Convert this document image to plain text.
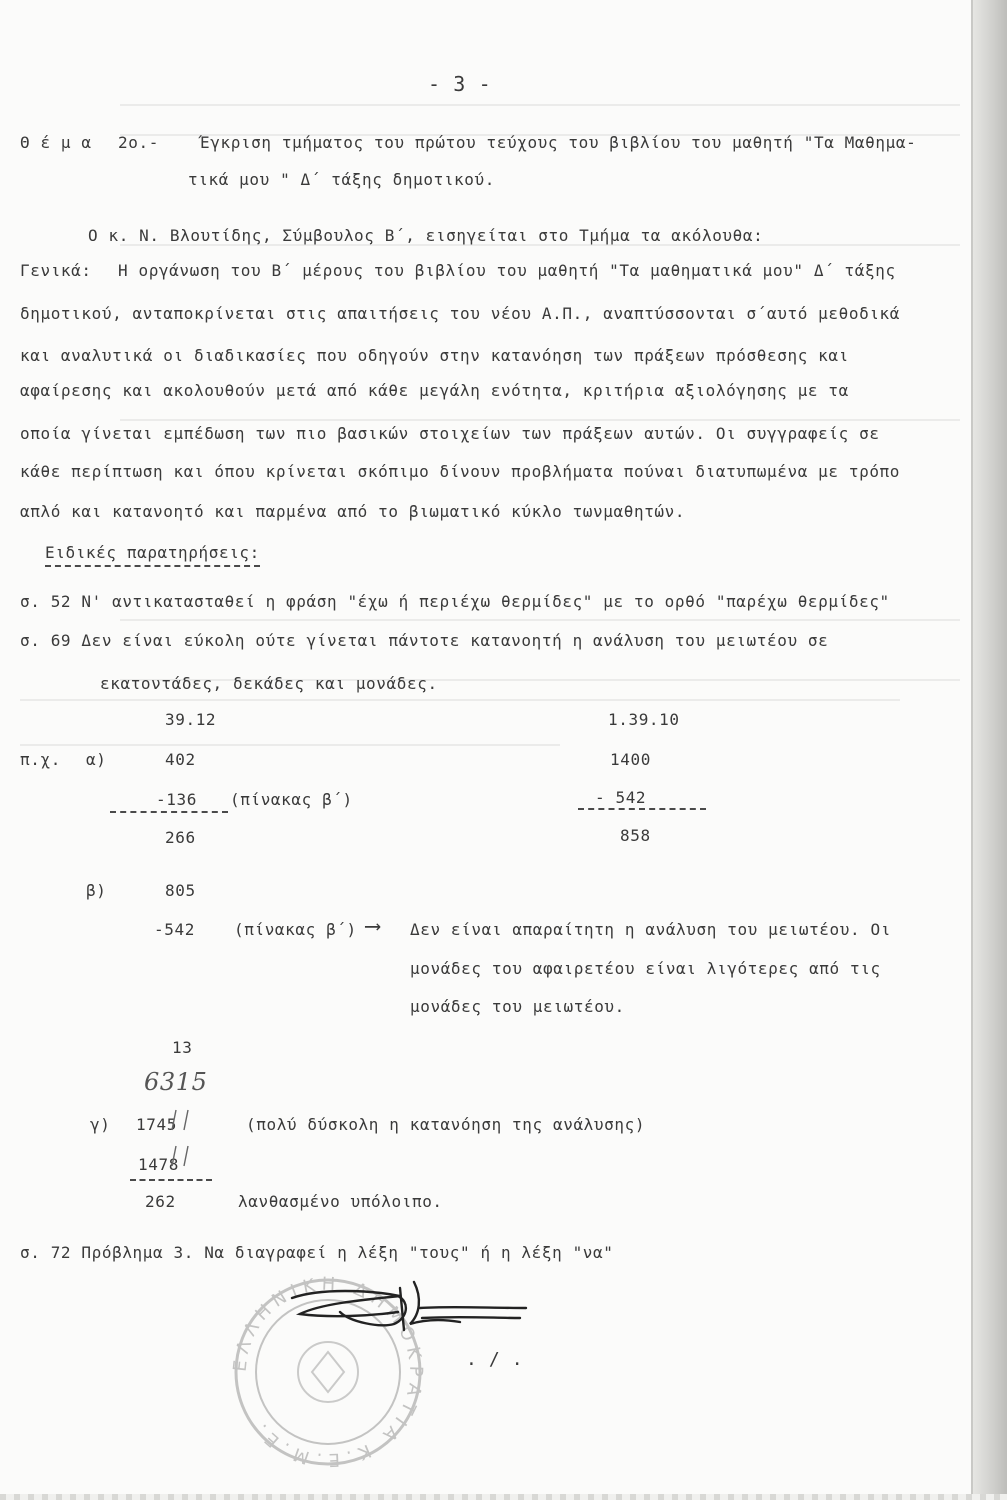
- 3 -
Θ έ μ α 2ο.-	Έγκριση τμήματος του πρώτου τεύχους του βιβλίου του μαθητή "Τα Μαθημα-
τικά μου " Δ΄ τάξης δημοτικού.
Ο κ. Ν. Βλουτίδης, Σύμβουλος Β΄, εισηγείται στο Τμήμα τα ακόλουθα:
Γενικά: Η οργάνωση του Β΄ μέρους του βιβλίου του μαθητή "Τα μαθηματικά μου" Δ΄ τάξης
δημοτικού, ανταποκρίνεται στις απαιτήσεις του νέου Α.Π., αναπτύσσονται σ΄αυτό μεθοδικά
και αναλυτικά οι διαδικασίες που οδηγούν στην κατανόηση των πράξεων πρόσθεσης και
αφαίρεσης και ακολουθούν μετά από κάθε μεγάλη ενότητα, κριτήρια αξιολόγησης με τα
οποία γίνεται εμπέδωση των πιο βασικών στοιχείων των πράξεων αυτών. Οι συγγραφείς σε
κάθε περίπτωση και όπου κρίνεται σκόπιμο δίνουν προβλήματα πούναι διατυπωμένα με τρόπο
απλό και κατανοητό και παρμένα από το βιωματικό κύκλο τωνμαθητών.
Ειδικές παρατηρήσεις:
σ. 52 Ν' αντικατασταθεί η φράση "έχω ή περιέχω θερμίδες" με το ορθό "παρέχω θερμίδες"
σ. 69 Δεν είναι εύκολη ούτε γίνεται πάντοτε κατανοητή η ανάλυση του μειωτέου σε
εκατοντάδες, δεκάδες και μονάδες.
39.12	1.39.10
π.χ. α)	402	1400
-136 (πίνακας β΄)	- 542
266	858
β)	805
-542 (πίνακας β΄) ⟶ Δεν είναι απαραίτητη η ανάλυση του μειωτέου. Οι
μονάδες του αφαιρετέου είναι λιγότερες από τις
μονάδες του μειωτέου.
13
6315
γ) 1745	(πολύ δύσκολη η κατανόηση της ανάλυσης)
1478
262	λανθασμένο υπόλοιπο.
σ. 72 Πρόβλημα 3. Να διαγραφεί η λέξη "τους" ή η λέξη "να"
ΕΛΛΗΝΙΚΗ ΔΗΜΟΚΡΑΤΙΑ Κ.Ε.Μ.Ε.
. / .
